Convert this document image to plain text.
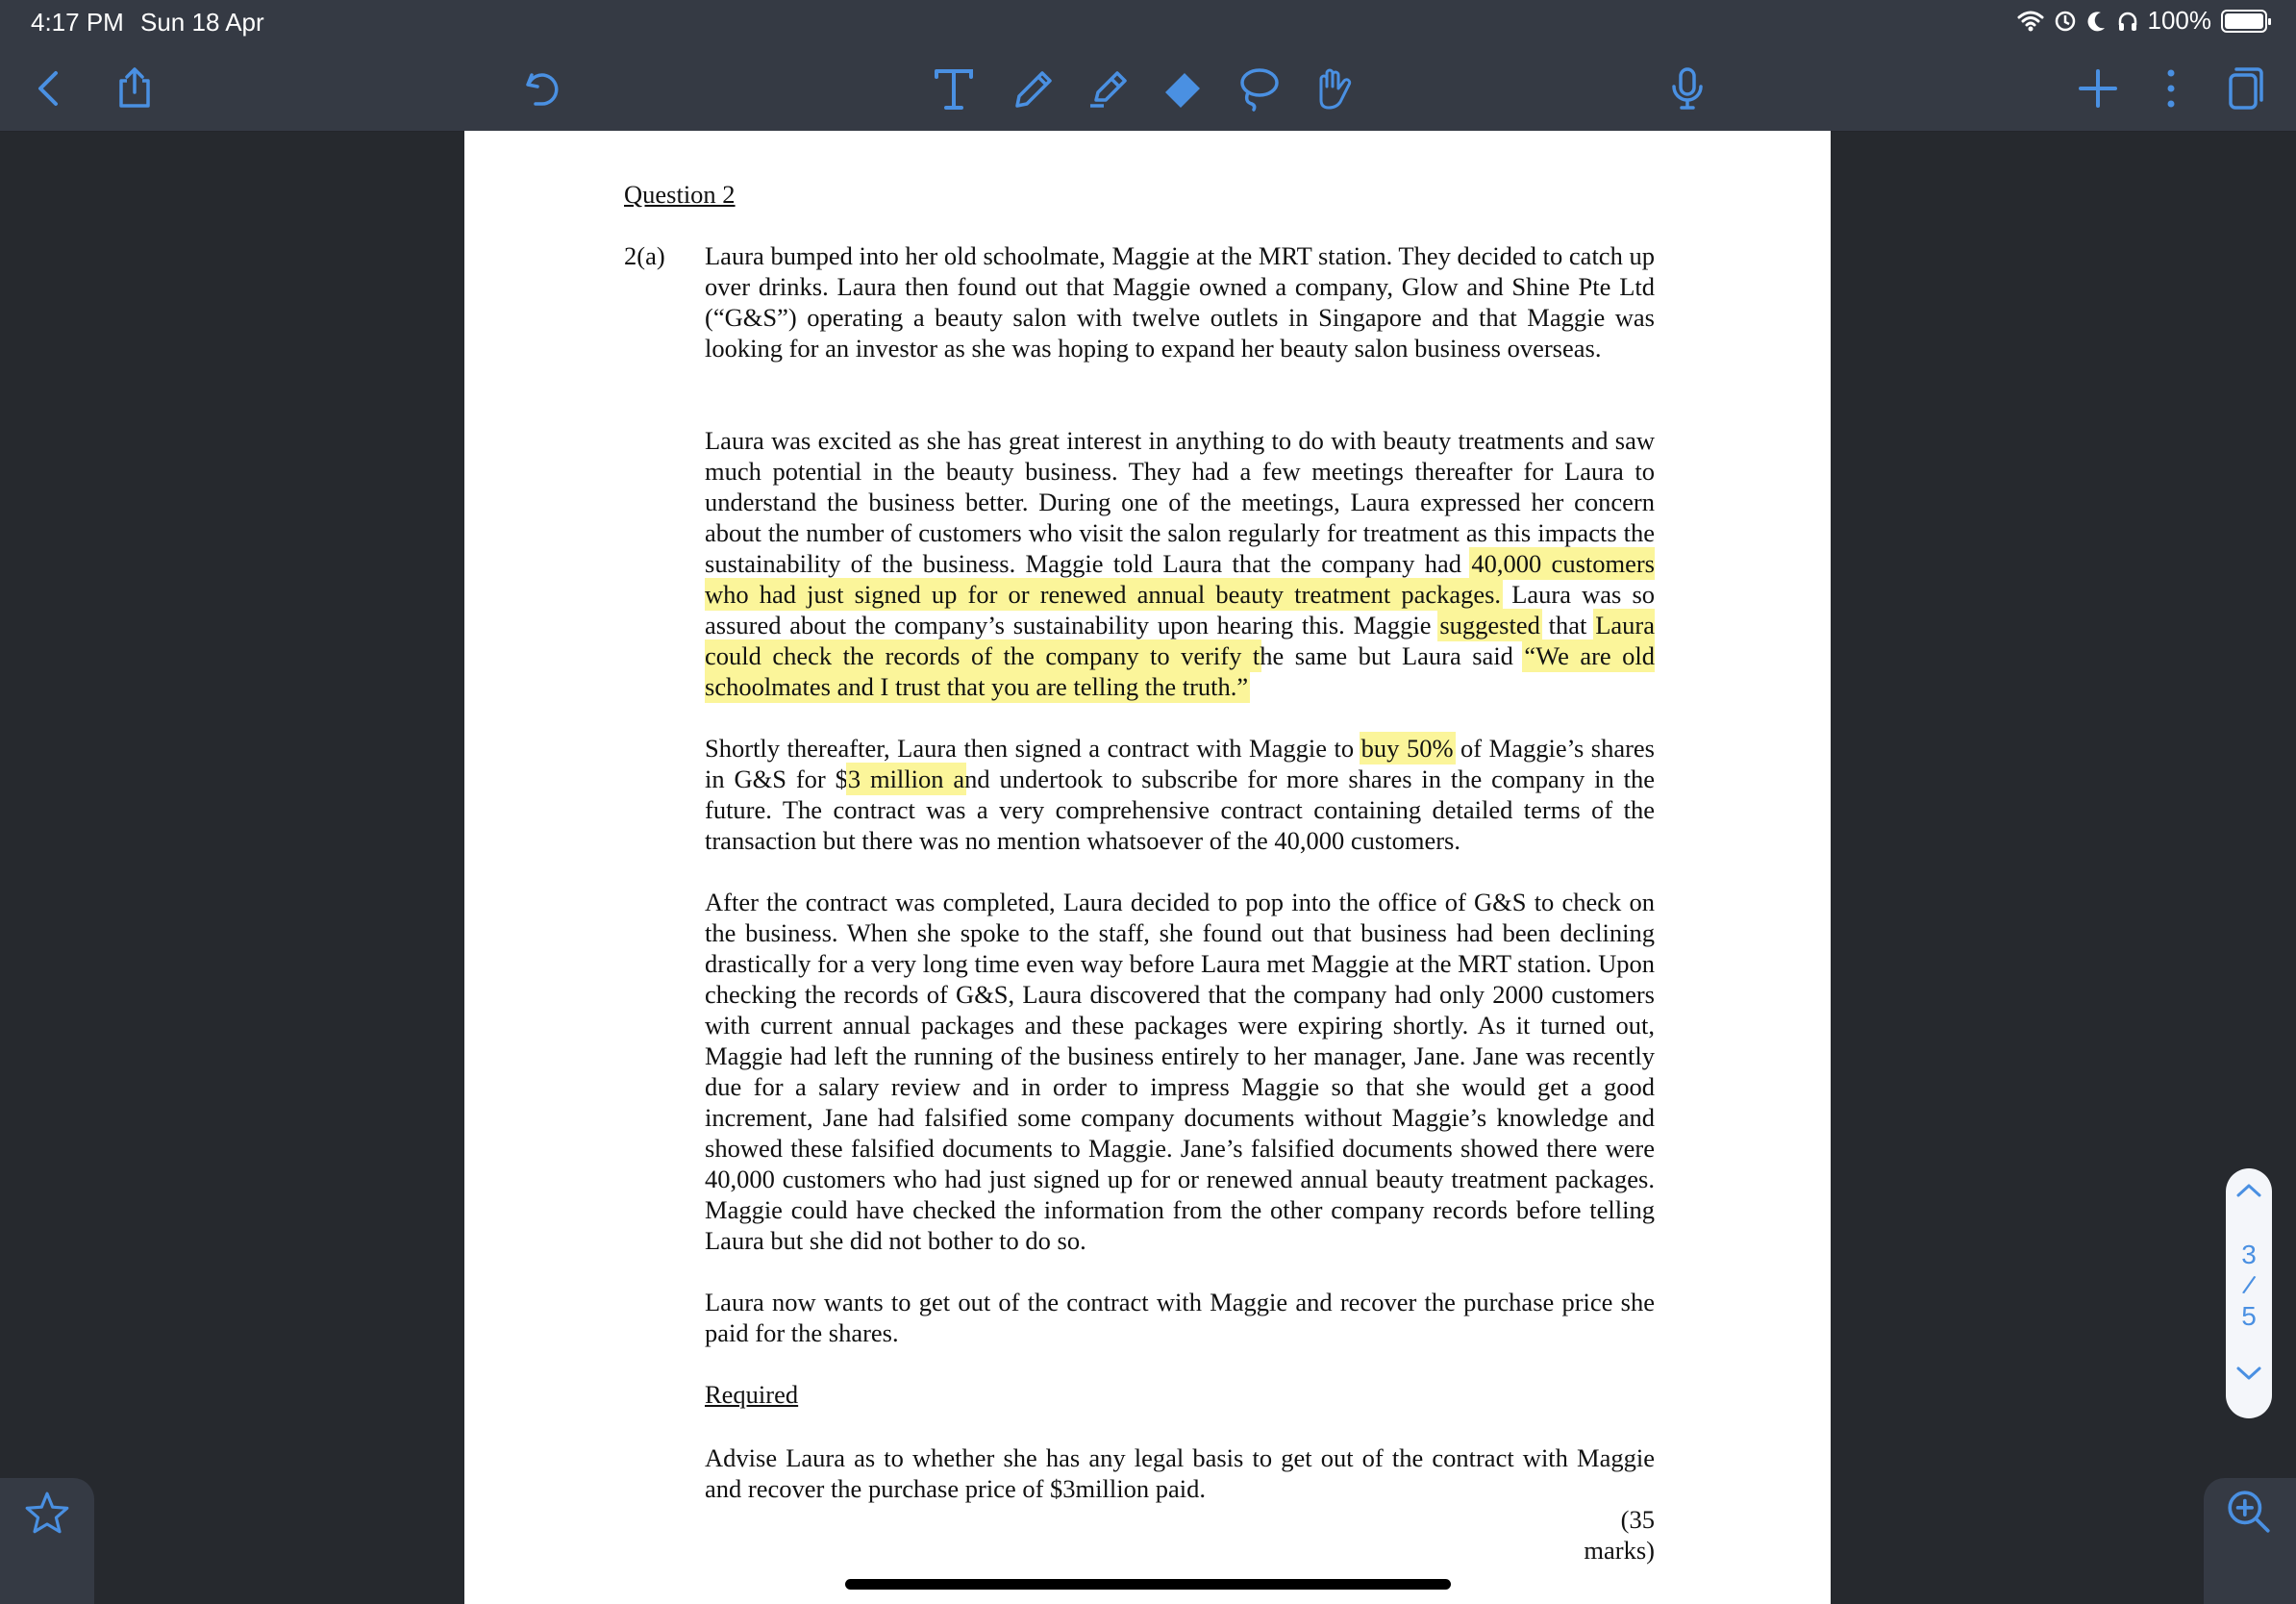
4:17 PM Sun 18 Apr	100%
Question 2
2(a) Laura bumped into her old schoolmate, Maggie at the MRT station. They decided to catch up over drinks. Laura then found out that Maggie owned a company, Glow and Shine Pte Ltd (“G&S”) operating a beauty salon with twelve outlets in Singapore and that Maggie was looking for an investor as she was hoping to expand her beauty salon business overseas.
Laura was excited as she has great interest in anything to do with beauty treatments and saw much potential in the beauty business. They had a few meetings thereafter for Laura to understand the business better. During one of the meetings, Laura expressed her concern about the number of customers who visit the salon regularly for treatment as this impacts the sustainability of the business. Maggie told Laura that the company had 40,000 customers who had just signed up for or renewed annual beauty treatment packages. Laura was so assured about the company’s sustainability upon hearing this. Maggie suggested that Laura could check the records of the company to verify the same but Laura said “We are old schoolmates and I trust that you are telling the truth.”
Shortly thereafter, Laura then signed a contract with Maggie to buy 50% of Maggie’s shares in G&S for $3 million and undertook to subscribe for more shares in the company in the future. The contract was a very comprehensive contract containing detailed terms of the transaction but there was no mention whatsoever of the 40,000 customers.
After the contract was completed, Laura decided to pop into the office of G&S to check on the business. When she spoke to the staff, she found out that business had been declining drastically for a very long time even way before Laura met Maggie at the MRT station. Upon checking the records of G&S, Laura discovered that the company had only 2000 customers with current annual packages and these packages were expiring shortly. As it turned out, Maggie had left the running of the business entirely to her manager, Jane. Jane was recently due for a salary review and in order to impress Maggie so that she would get a good increment, Jane had falsified some company documents without Maggie’s knowledge and showed these falsified documents to Maggie. Jane’s falsified documents showed there were 40,000 customers who had just signed up for or renewed annual beauty treatment packages. Maggie could have checked the information from the other company records before telling Laura but she did not bother to do so.
Laura now wants to get out of the contract with Maggie and recover the purchase price she paid for the shares.
Required
Advise Laura as to whether she has any legal basis to get out of the contract with Maggie and recover the purchase price of $3million paid.
(35 marks)
3
/
5
